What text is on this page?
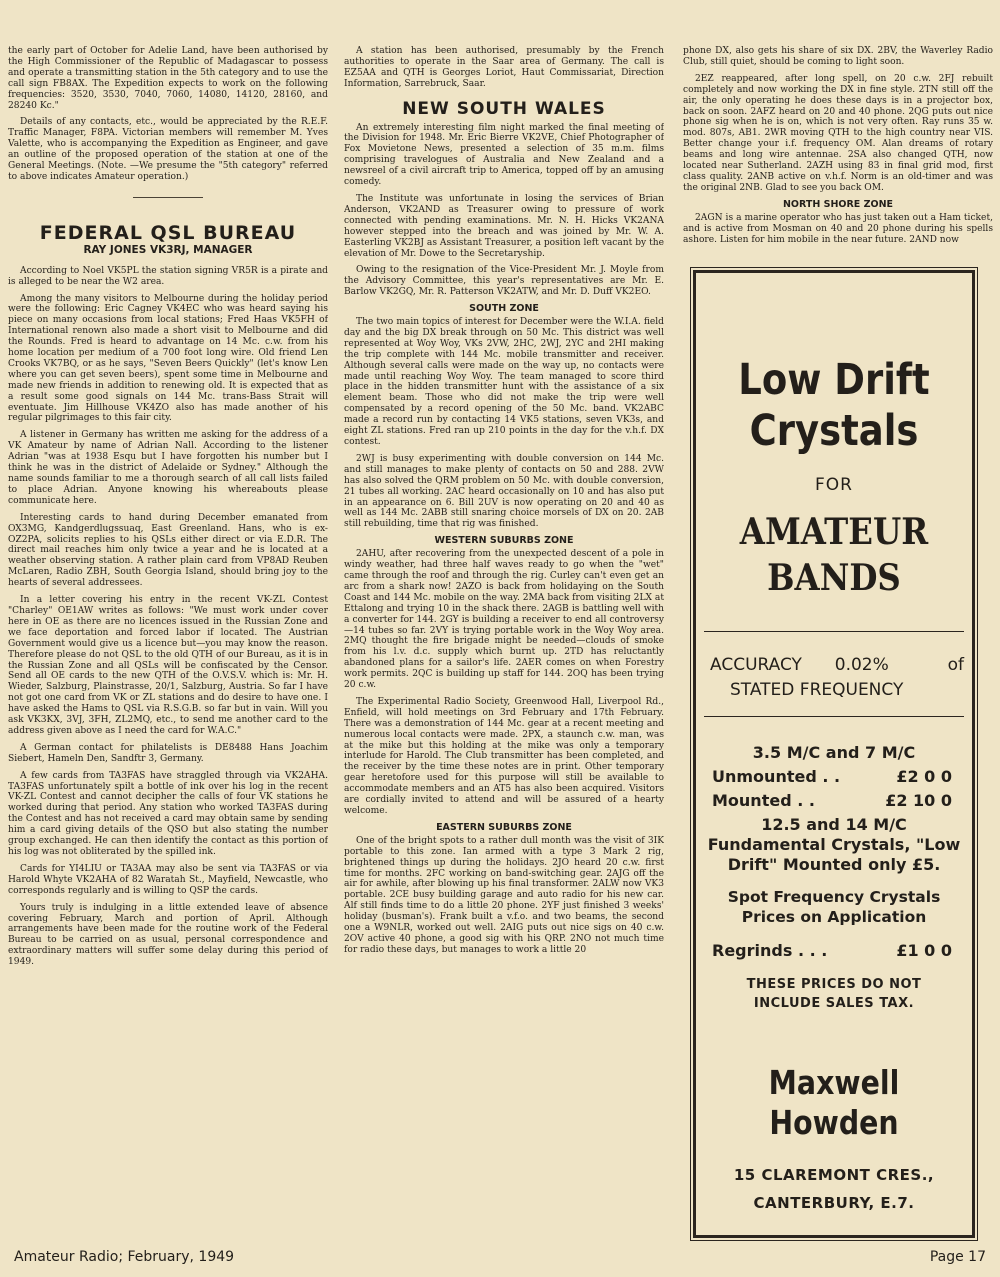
the early part of October for Adelie Land, have been authorised by the High Commissioner of the Republic of Madagascar to possess and operate a transmitting station in the 5th category and to use the call sign FB8AX. The Expedition expects to work on the following frequencies: 3520, 3530, 7040, 7060, 14080, 14120, 28160, and 28240 Kc."

Details of any contacts, etc., would be appreciated by the R.E.F. Traffic Manager, F8PA. Victorian members will remember M. Yves Valette, who is accompanying the Expedition as Engineer, and gave an outline of the proposed operation of the station at one of the General Meetings. (Note. —We presume the "5th category" referred to above indicates Amateur operation.)

FEDERAL QSL BUREAU
RAY JONES VK3RJ, MANAGER

According to Noel VK5PL the station signing VR5R is a pirate and is alleged to be near the W2 area.

Among the many visitors to Melbourne during the holiday period were the following: Eric Cagney VK4EC who was heard saying his piece on many occasions from local stations; Fred Haas VK5FH of International renown also made a short visit to Melbourne and did the Rounds. Fred is heard to advantage on 14 Mc. c.w. from his home location per medium of a 700 foot long wire. Old friend Len Crooks VK7BQ, or as he says, "Seven Beers Quickly" (let's know Len where you can get seven beers), spent some time in Melbourne and made new friends in addition to renewing old. It is expected that as a result some good signals on 144 Mc. trans-Bass Strait will eventuate. Jim Hillhouse VK4ZO also has made another of his regular pilgrimages to this fair city.

A listener in Germany has written me asking for the address of a VK Amateur by name of Adrian Nall. According to the listener Adrian "was at 1938 Esqu but I have forgotten his number but I think he was in the district of Adelaide or Sydney." Although the name sounds familiar to me a thorough search of all call lists failed to place Adrian. Anyone knowing his whereabouts please communicate here.

Interesting cards to hand during December emanated from OX3MG, Kandgerdlugssuaq, East Greenland. Hans, who is ex-OZ2PA, solicits replies to his QSLs either direct or via E.D.R. The direct mail reaches him only twice a year and he is located at a weather observing station. A rather plain card from VP8AD Reuben McLaren, Radio ZBH, South Georgia Island, should bring joy to the hearts of several addressees.

In a letter covering his entry in the recent VK-ZL Contest "Charley" OE1AW writes as follows: "We must work under cover here in OE as there are no licences issued in the Russian Zone and we face deportation and forced labor if located. The Austrian Government would give us a licence but—you may know the reason. Therefore please do not QSL to the old QTH of our Bureau, as it is in the Russian Zone and all QSLs will be confiscated by the Censor. Send all OE cards to the new QTH of the O.V.S.V. which is: Mr. H. Wieder, Salzburg, Plainstrasse, 20/1, Salzburg, Austria. So far I have not got one card from VK or ZL stations and do desire to have one. I have asked the Hams to QSL via R.S.G.B. so far but in vain. Will you ask VK3KX, 3VJ, 3FH, ZL2MQ, etc., to send me another card to the address given above as I need the card for W.A.C."

A German contact for philatelists is DE8488 Hans Joachim Siebert, Hameln Den, Sandftr 3, Germany.

A few cards from TA3FAS have straggled through via VK2AHA. TA3FAS unfortunately spilt a bottle of ink over his log in the recent VK-ZL Contest and cannot decipher the calls of four VK stations he worked during that period. Any station who worked TA3FAS during the Contest and has not received a card may obtain same by sending him a card giving details of the QSO but also stating the number group exchanged. He can then identify the contact as this portion of his log was not obliterated by the spilled ink.

Cards for YI4LIU or TA3AA may also be sent via TA3FAS or via Harold Whyte VK2AHA of 82 Waratah St., Mayfield, Newcastle, who corresponds regularly and is willing to QSP the cards.

Yours truly is indulging in a little extended leave of absence covering February, March and portion of April. Although arrangements have been made for the routine work of the Federal Bureau to be carried on as usual, personal correspondence and extraordinary matters will suffer some delay during this period of 1949.

A station has been authorised, presumably by the French authorities to operate in the Saar area of Germany. The call is EZ5AA and QTH is Georges Loriot, Haut Commissariat, Direction Information, Sarrebruck, Saar.

NEW SOUTH WALES

An extremely interesting film night marked the final meeting of the Division for 1948. Mr. Eric Bierre VK2VE, Chief Photographer of Fox Movietone News, presented a selection of 35 m.m. films comprising travelogues of Australia and New Zealand and a newsreel of a civil aircraft trip to America, topped off by an amusing comedy.

The Institute was unfortunate in losing the services of Brian Anderson, VK2AND as Treasurer owing to pressure of work connected with pending examinations. Mr. N. H. Hicks VK2ANA however stepped into the breach and was joined by Mr. W. A. Easterling VK2BJ as Assistant Treasurer, a position left vacant by the elevation of Mr. Dowe to the Secretaryship.

Owing to the resignation of the Vice-President Mr. J. Moyle from the Advisory Committee, this year's representatives are Mr. E. Barlow VK2GQ, Mr. R. Patterson VK2ATW, and Mr. D. Duff VK2EO.

SOUTH ZONE

The two main topics of interest for December were the W.I.A. field day and the big DX break through on 50 Mc. This district was well represented at Woy Woy, VKs 2VW, 2HC, 2WJ, 2YC and 2HI making the trip complete with 144 Mc. mobile transmitter and receiver. Although several calls were made on the way up, no contacts were made until reaching Woy Woy. The team managed to score third place in the hidden transmitter hunt with the assistance of a six element beam. Those who did not make the trip were well compensated by a record opening of the 50 Mc. band. VK2ABC made a record run by contacting 14 VK5 stations, seven VK3s, and eight ZL stations. Fred ran up 210 points in the day for the v.h.f. DX contest.

2WJ is busy experimenting with double conversion on 144 Mc. and still manages to make plenty of contacts on 50 and 288. 2VW has also solved the QRM problem on 50 Mc. with double conversion, 21 tubes all working. 2AC heard occasionally on 10 and has also put in an appearance on 6. Bill 2UV is now operating on 20 and 40 as well as 144 Mc. 2ABB still snaring choice morsels of DX on 20. 2AB still rebuilding, time that rig was finished.

WESTERN SUBURBS ZONE

2AHU, after recovering from the unexpected descent of a pole in windy weather, had three half waves ready to go when the "wet" came through the roof and through the rig. Curley can't even get an arc from a shark now! 2AZO is back from holidaying on the South Coast and 144 Mc. mobile on the way. 2MA back from visiting 2LX at Ettalong and trying 10 in the shack there. 2AGB is battling well with a converter for 144. 2GY is building a receiver to end all controversy—14 tubes so far. 2VY is trying portable work in the Woy Woy area. 2MQ thought the fire brigade might be needed—clouds of smoke from his l.v. d.c. supply which burnt up. 2TD has reluctantly abandoned plans for a sailor's life. 2AER comes on when Forestry work permits. 2QC is building up staff for 144. 2OQ has been trying 20 c.w.

The Experimental Radio Society, Greenwood Hall, Liverpool Rd., Enfield, will hold meetings on 3rd February and 17th February. There was a demonstration of 144 Mc. gear at a recent meeting and numerous local contacts were made. 2PX, a staunch c.w. man, was at the mike but this holding at the mike was only a temporary interlude for Harold. The Club transmitter has been completed, and the receiver by the time these notes are in print. Other temporary gear heretofore used for this purpose will still be available to accommodate members and an AT5 has also been acquired. Visitors are cordially invited to attend and will be assured of a hearty welcome.

EASTERN SUBURBS ZONE

One of the bright spots to a rather dull month was the visit of 3IK portable to this zone. Ian armed with a type 3 Mark 2 rig, brightened things up during the holidays. 2JO heard 20 c.w. first time for months. 2FC working on band-switching gear. 2AJG off the air for awhile, after blowing up his final transformer. 2ALW now VK3 portable. 2CE busy building garage and auto radio for his new car. Alf still finds time to do a little 20 phone. 2YF just finished 3 weeks' holiday (busman's). Frank built a v.f.o. and two beams, the second one a W9NLR, worked out well. 2AIG puts out nice sigs on 40 c.w. 2OV active 40 phone, a good sig with his QRP. 2NO not much time for radio these days, but manages to work a little 20

phone DX, also gets his share of six DX. 2BV, the Waverley Radio Club, still quiet, should be coming to light soon.

2EZ reappeared, after long spell, on 20 c.w. 2FJ rebuilt completely and now working the DX in fine style. 2TN still off the air, the only operating he does these days is in a projector box, back on soon. 2AFZ heard on 20 and 40 phone. 2QG puts out nice phone sig when he is on, which is not very often. Ray runs 35 w. mod. 807s, AB1. 2WR moving QTH to the high country near VIS. Better change your i.f. frequency OM. Alan dreams of rotary beams and long wire antennae. 2SA also changed QTH, now located near Sutherland. 2AZH using 83 in final grid mod, first class quality. 2ANB active on v.h.f. Norm is an old-timer and was the original 2NB. Glad to see you back OM.

NORTH SHORE ZONE

2AGN is a marine operator who has just taken out a Ham ticket, and is active from Mosman on 40 and 20 phone during his spells ashore. Listen for him mobile in the near future. 2AND now

Low Drift
Crystals
FOR
AMATEUR
BANDS
ACCURACY 0.02%	of
STATED FREQUENCY
3.5 M/C and 7 M/C
Unmounted . .	£2 0 0
Mounted . .	£2 10 0
12.5 and 14 M/C Fundamental Crystals, "Low Drift" Mounted only £5.
Spot Frequency Crystals
Prices on Application
Regrinds . . .	£1 0 0
THESE PRICES DO NOT
INCLUDE SALES TAX.
Maxwell Howden
15 CLAREMONT CRES.,
CANTERBURY, E.7.
Amateur Radio; February, 1949	Page 17
